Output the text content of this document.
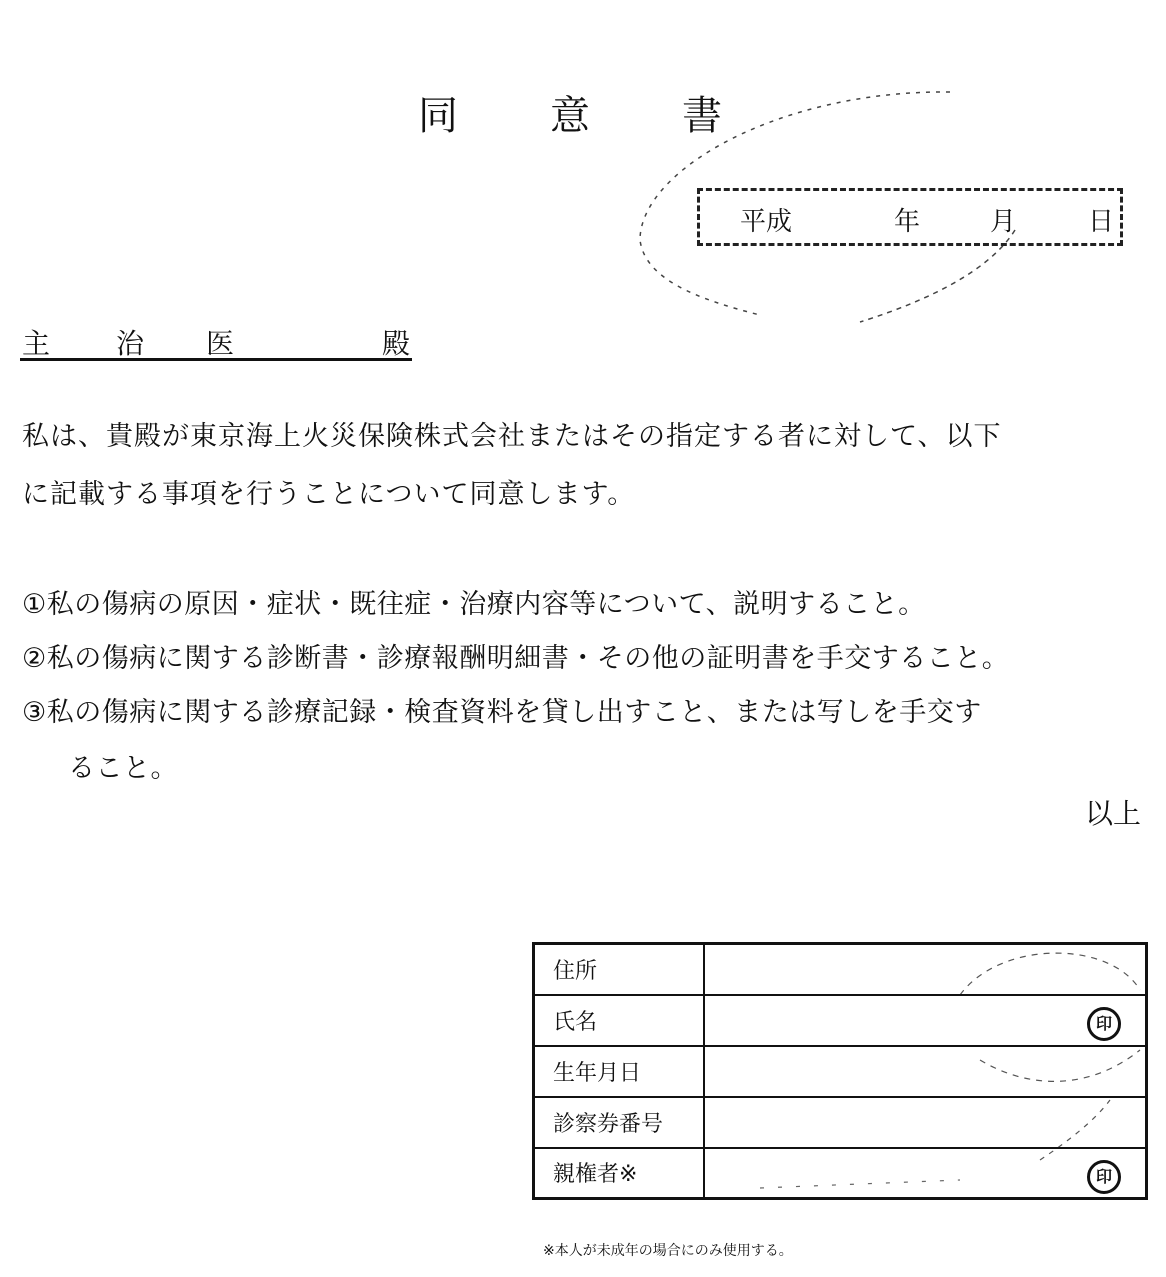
同 意 書
平成	年	月	日
主 治 医	殿
私は、貴殿が東京海上火災保険株式会社またはその指定する者に対して、以下
に記載する事項を行うことについて同意します。
①私の傷病の原因・症状・既往症・治療内容等について、説明すること。
②私の傷病に関する診断書・診療報酬明細書・その他の証明書を手交すること。
③私の傷病に関する診療記録・検査資料を貸し出すこと、または写しを手交す
ること。
以上
住所	
氏名	印

生年月日	
診察券番号	
親権者※	印
※本人が未成年の場合にのみ使用する。
